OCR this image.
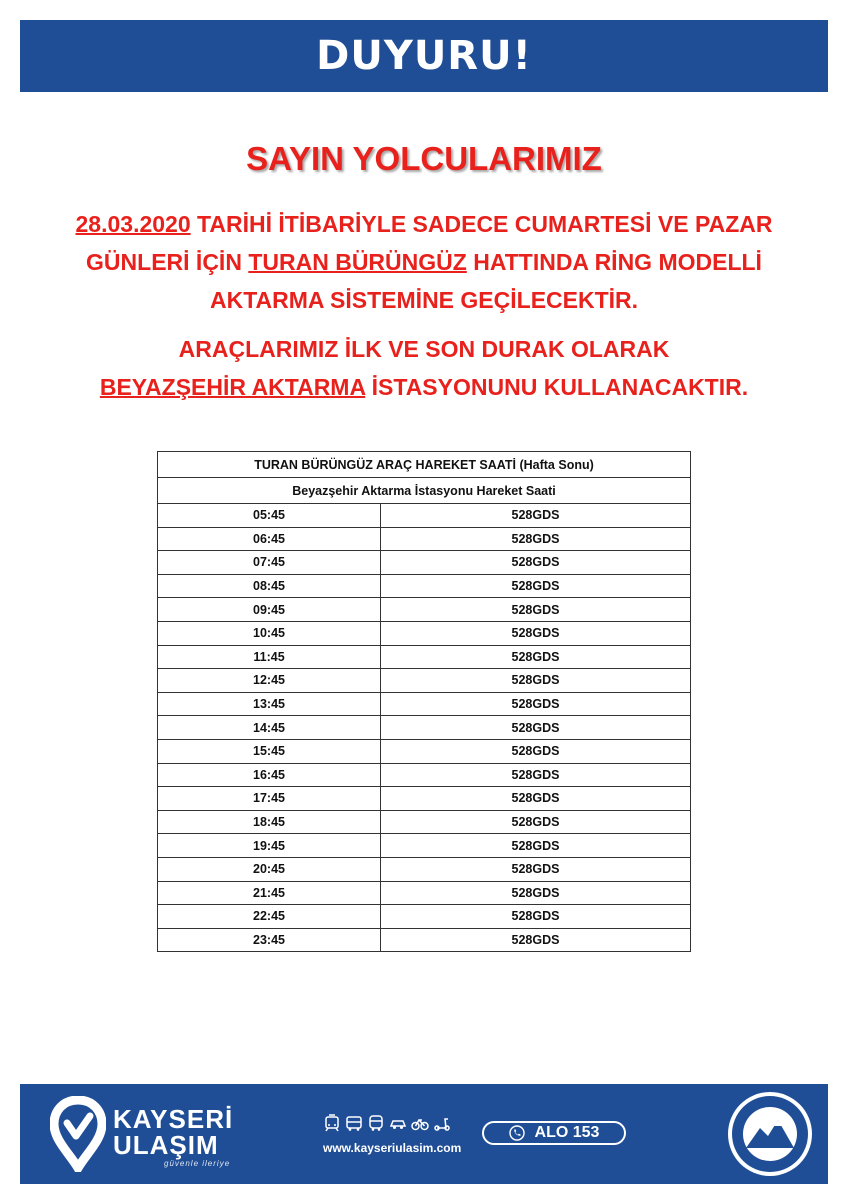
DUYURU!
SAYIN YOLCULARIMIZ
28.03.2020 TARİHİ İTİBARİYLE SADECE CUMARTESİ VE PAZAR GÜNLERİ İÇİN TURAN BÜRÜNGÜZ HATTINDA RİNG MODELLİ AKTARMA SİSTEMİNE GEÇİLECEKTİR.
ARAÇLARIMIZ İLK VE SON DURAK OLARAK
BEYAZŞEHİR AKTARMA İSTASYONUNU KULLANACAKTIR.
TURAN BÜRÜNGÜZ ARAÇ HAREKET SAATİ (Hafta Sonu)	
Beyazşehir Aktarma İstasyonu Hareket Saati	
05:45	528GDS
06:45	528GDS
07:45	528GDS
08:45	528GDS
09:45	528GDS
10:45	528GDS
11:45	528GDS
12:45	528GDS
13:45	528GDS
14:45	528GDS
15:45	528GDS
16:45	528GDS
17:45	528GDS
18:45	528GDS
19:45	528GDS
20:45	528GDS
21:45	528GDS
22:45	528GDS
23:45	528GDS
KAYSERİ
ULAŞIM
güvenle ileriye
www.kayseriulasim.com
ALO 153
